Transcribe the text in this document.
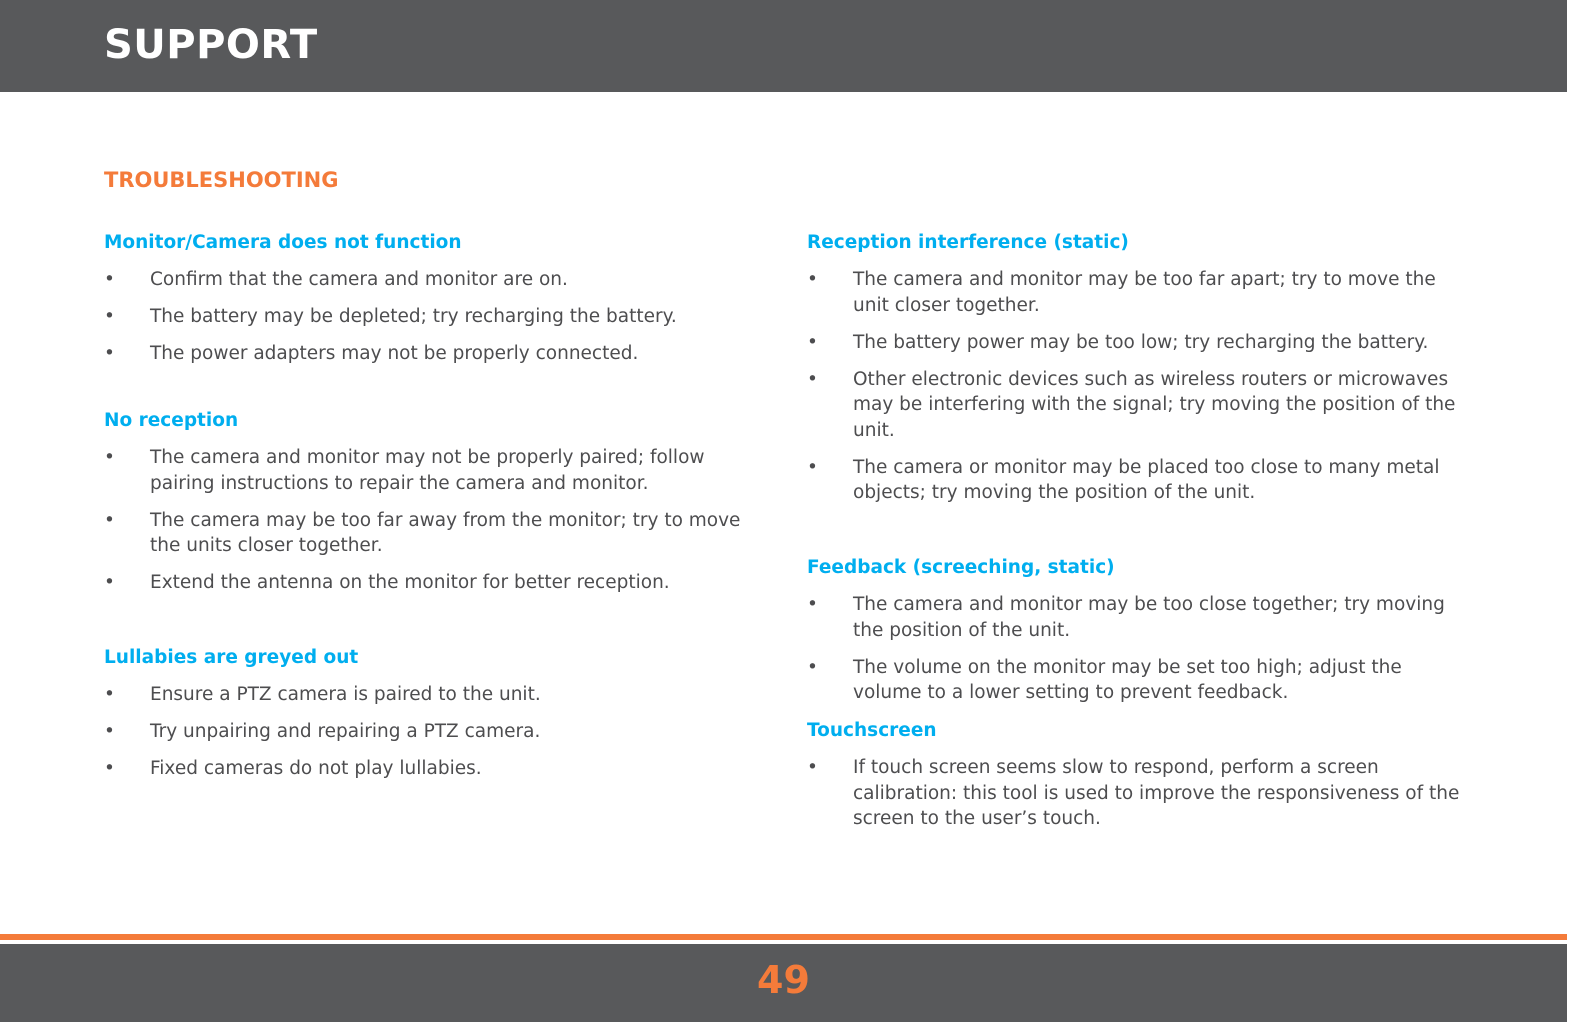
SUPPORT
TROUBLESHOOTING
Monitor/Camera does not function
• Confirm that the camera and monitor are on.
• The battery may be depleted; try recharging the battery.
• The power adapters may not be properly connected.
No reception
• The camera and monitor may not be properly paired; follow pairing instructions to repair the camera and monitor.
• The camera may be too far away from the monitor; try to move the units closer together.
• Extend the antenna on the monitor for better reception.
Lullabies are greyed out
• Ensure a PTZ camera is paired to the unit.
• Try unpairing and repairing a PTZ camera.
• Fixed cameras do not play lullabies.
Reception interference (static)
• The camera and monitor may be too far apart; try to move the unit closer together.
• The battery power may be too low; try recharging the battery.
• Other electronic devices such as wireless routers or microwaves may be interfering with the signal; try moving the position of the unit.
• The camera or monitor may be placed too close to many metal objects; try moving the position of the unit.
Feedback (screeching, static)
• The camera and monitor may be too close together; try moving the position of the unit.
• The volume on the monitor may be set too high; adjust the volume to a lower setting to prevent feedback.
Touchscreen
• If touch screen seems slow to respond, perform a screen calibration: this tool is used to improve the responsiveness of the screen to the user’s touch.
49
